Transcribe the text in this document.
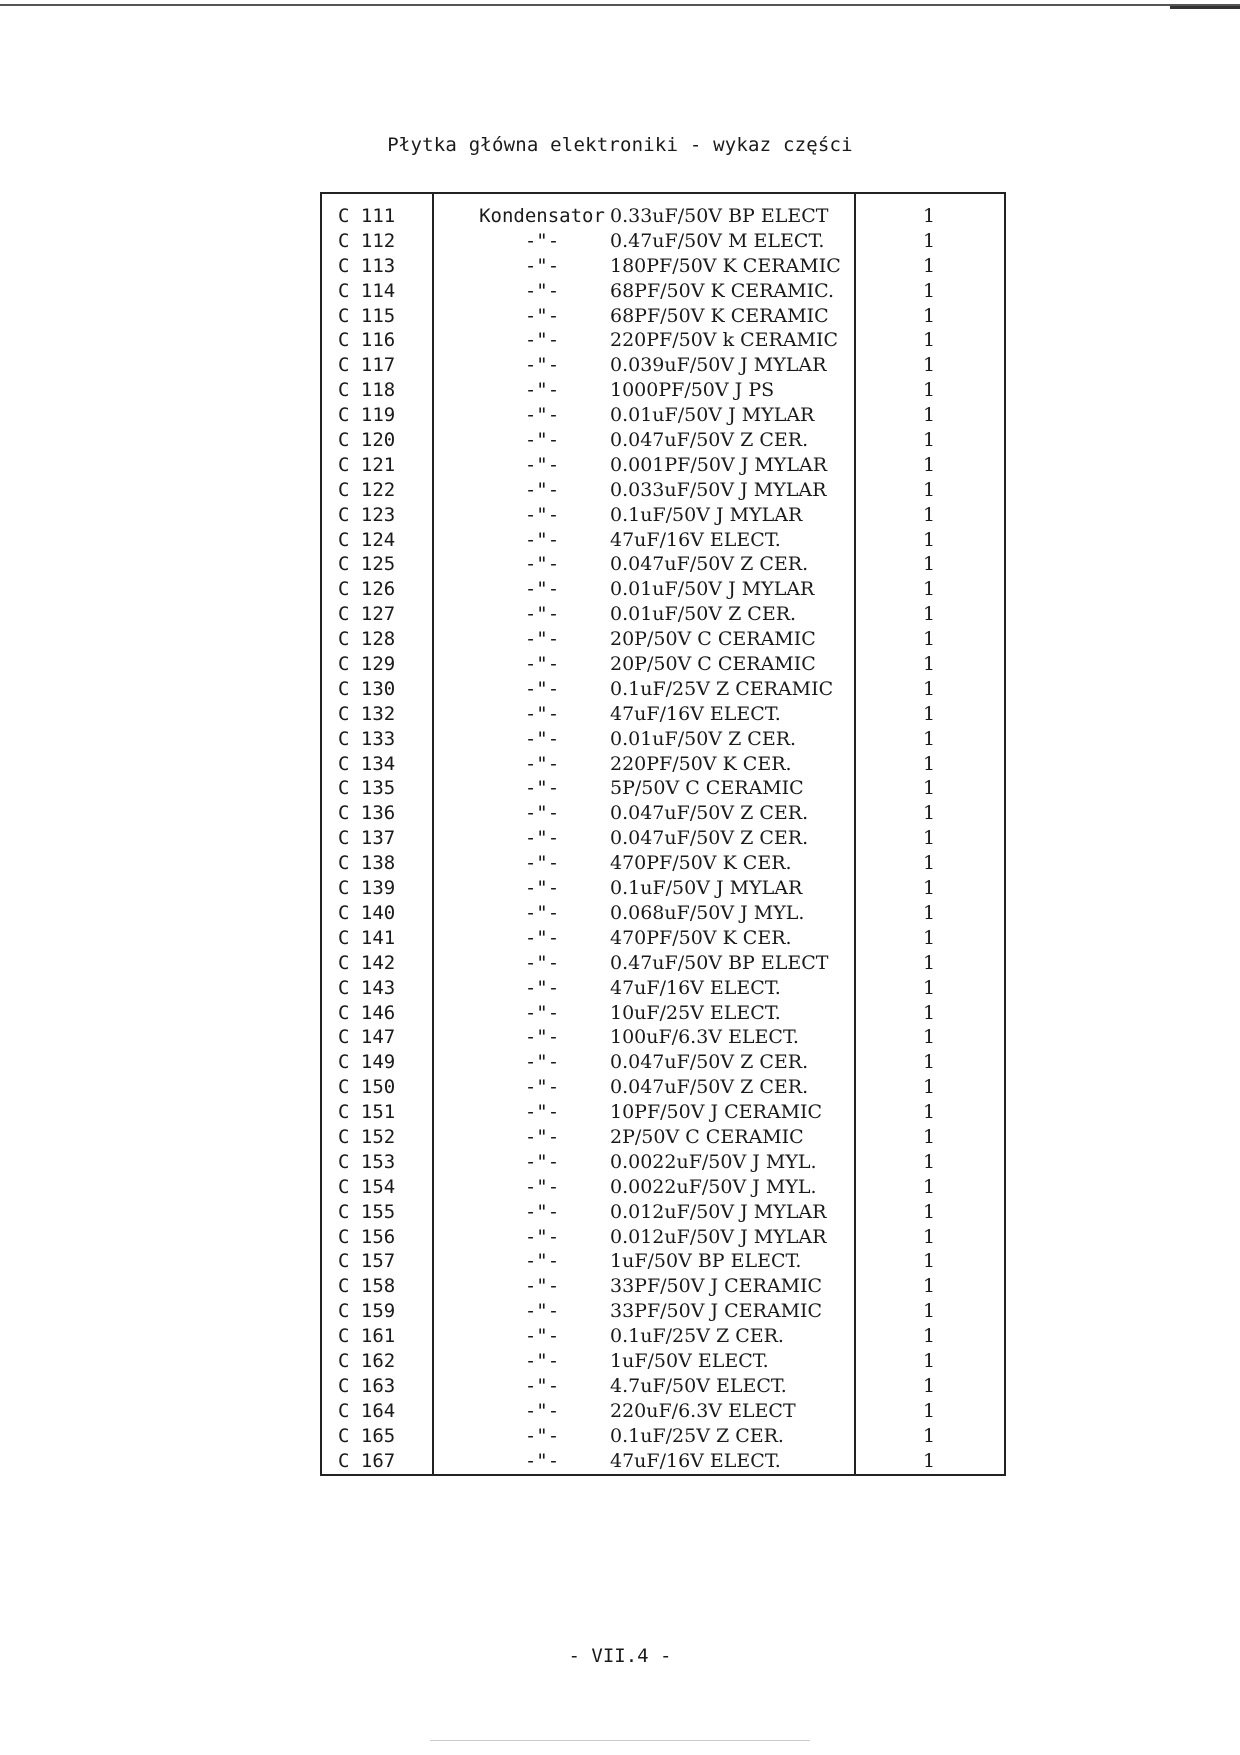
Płytka główna elektroniki - wykaz części
C 111	Kondensator 0.33uF/50V BP ELECT	1
C 112	-"-	0.47uF/50V M ELECT.	1
C 113	-"-	180PF/50V K CERAMIC	1
C 114	-"-	68PF/50V K CERAMIC.	1
C 115	-"-	68PF/50V K CERAMIC	1
C 116	-"-	220PF/50V k CERAMIC	1
C 117	-"-	0.039uF/50V J MYLAR	1
C 118	-"-	1000PF/50V J PS	1
C 119	-"-	0.01uF/50V J MYLAR	1
C 120	-"-	0.047uF/50V Z CER.	1
C 121	-"-	0.001PF/50V J MYLAR	1
C 122	-"-	0.033uF/50V J MYLAR	1
C 123	-"-	0.1uF/50V J MYLAR	1
C 124	-"-	47uF/16V ELECT.	1
C 125	-"-	0.047uF/50V Z CER.	1
C 126	-"-	0.01uF/50V J MYLAR	1
C 127	-"-	0.01uF/50V Z CER.	1
C 128	-"-	20P/50V C CERAMIC	1
C 129	-"-	20P/50V C CERAMIC	1
C 130	-"-	0.1uF/25V Z CERAMIC	1
C 132	-"-	47uF/16V ELECT.	1
C 133	-"-	0.01uF/50V Z CER.	1
C 134	-"-	220PF/50V K CER.	1
C 135	-"-	5P/50V C CERAMIC	1
C 136	-"-	0.047uF/50V Z CER.	1
C 137	-"-	0.047uF/50V Z CER.	1
C 138	-"-	470PF/50V K CER.	1
C 139	-"-	0.1uF/50V J MYLAR	1
C 140	-"-	0.068uF/50V J MYL.	1
C 141	-"-	470PF/50V K CER.	1
C 142	-"-	0.47uF/50V BP ELECT	1
C 143	-"-	47uF/16V ELECT.	1
C 146	-"-	10uF/25V ELECT.	1
C 147	-"-	100uF/6.3V ELECT.	1
C 149	-"-	0.047uF/50V Z CER.	1
C 150	-"-	0.047uF/50V Z CER.	1
C 151	-"-	10PF/50V J CERAMIC	1
C 152	-"-	2P/50V C CERAMIC	1
C 153	-"-	0.0022uF/50V J MYL.	1
C 154	-"-	0.0022uF/50V J MYL.	1
C 155	-"-	0.012uF/50V J MYLAR	1
C 156	-"-	0.012uF/50V J MYLAR	1
C 157	-"-	1uF/50V BP ELECT.	1
C 158	-"-	33PF/50V J CERAMIC	1
C 159	-"-	33PF/50V J CERAMIC	1
C 161	-"-	0.1uF/25V Z CER.	1
C 162	-"-	1uF/50V ELECT.	1
C 163	-"-	4.7uF/50V ELECT.	1
C 164	-"-	220uF/6.3V ELECT	1
C 165	-"-	0.1uF/25V Z CER.	1
C 167	-"-	47uF/16V ELECT.	1
- VII.4 -
